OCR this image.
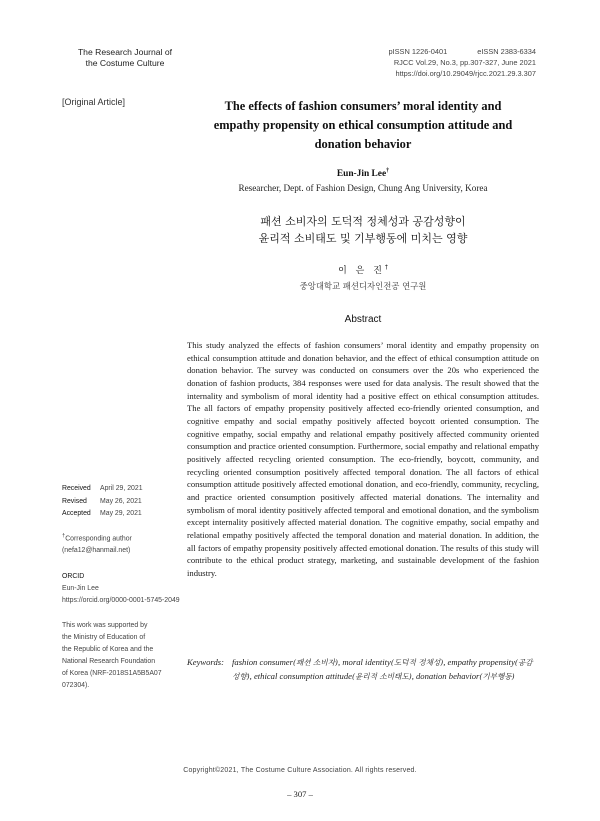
The Research Journal of
the Costume Culture
pISSN 1226-0401	eISSN 2383-6334
RJCC Vol.29, No.3, pp.307-327, June 2021
https://doi.org/10.29049/rjcc.2021.29.3.307
[Original Article]	The effects of fashion consumers’ moral identity and
empathy propensity on ethical consumption attitude and
donation behavior
Eun-Jin Lee†
Researcher, Dept. of Fashion Design, Chung Ang University, Korea
패션 소비자의 도덕적 정체성과 공감성향이
윤리적 소비태도 및 기부행동에 미치는 영향
이 은 진†
중앙대학교 패션디자인전공 연구원
Abstract
This study analyzed the effects of fashion consumers’ moral identity and empathy propensity on ethical consumption attitude and donation behavior, and the effect of ethical consumption attitude on donation behavior. The survey was conducted on consumers over the 20s who experienced the donation of fashion products, 384 responses were used for data analysis. The result showed that the internality and symbolism of moral identity had a positive effect on ethical consumption attitudes. The all factors of empathy propensity positively affected eco-friendly oriented consumption, and cognitive empathy and social empathy positively affected boycott oriented consumption. The cognitive empathy, social empathy and relational empathy positively affected community oriented consumption and practice oriented consumption. Furthermore, social empathy and relational empathy positively affected recycling oriented consumption. The eco-friendly, boycott, community, and recycling oriented consumption positively affected temporal donation. The all factors of ethical consumption attitude positively affected emotional donation, and eco-friendly, community, recycling, and practice oriented consumption positively affected material donations. The internality and symbolism of moral identity positively affected temporal and emotional donation, and the symbolism except internality positively affected material donation. The cognitive empathy, social empathy and relational empathy positively affected the temporal donation and material donation. In addition, the all factors of empathy propensity positively affected emotional donation. The results of this study will contribute to the ethical product strategy, marketing, and sustainable development of the fashion industry.
Keywords: fashion consumer(패션 소비자), moral identity(도덕적 정체성), empathy propensity(공감성향), ethical consumption attitude(윤리적 소비태도), donation behavior(기부행동)
Received April 29, 2021
Revised May 26, 2021
Accepted May 29, 2021
†Corresponding author
(nefa12@hanmail.net)
ORCID
Eun-Jin Lee
https://orcid.org/0000-0001-5745-2049
This work was supported by
the Ministry of Education of
the Republic of Korea and the
National Research Foundation
of Korea (NRF-2018S1A5B5A07
072304).
Copyright©2021, The Costume Culture Association. All rights reserved.
– 307 –
